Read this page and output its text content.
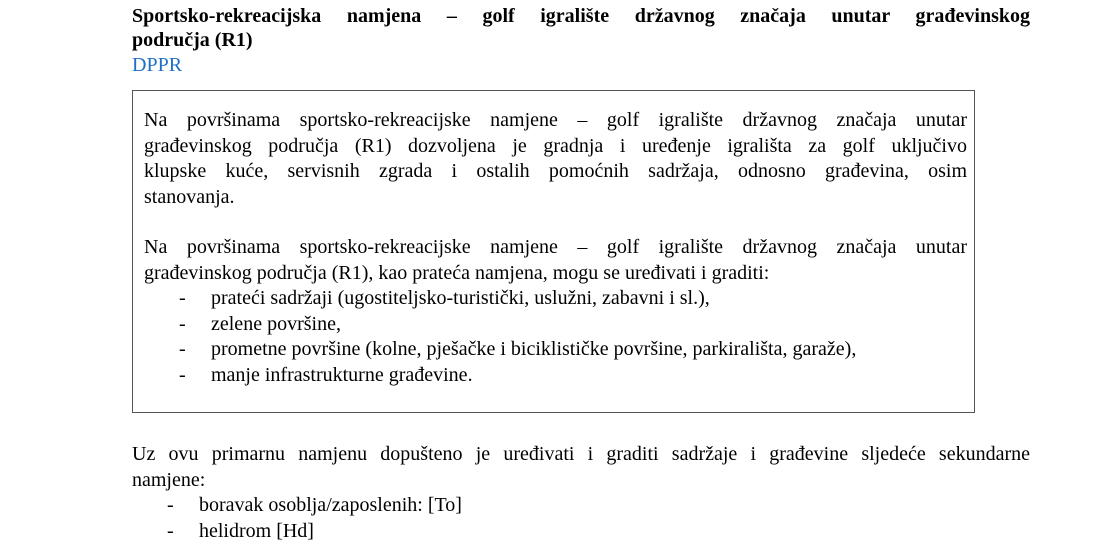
Sportsko-rekreacijska namjena – golf igralište državnog značaja unutar građevinskog
područja (R1)
DPPR
Na površinama sportsko-rekreacijske namjene – golf igralište državnog značaja unutar
građevinskog područja (R1) dozvoljena je gradnja i uređenje igrališta za golf uključivo
klupske kuće, servisnih zgrada i ostalih pomoćnih sadržaja, odnosno građevina, osim
stanovanja.
Na površinama sportsko-rekreacijske namjene – golf igralište državnog značaja unutar
građevinskog područja (R1), kao prateća namjena, mogu se uređivati i graditi:
- prateći sadržaji (ugostiteljsko-turistički, uslužni, zabavni i sl.),
- zelene površine,
- prometne površine (kolne, pješačke i biciklističke površine, parkirališta, garaže),
- manje infrastrukturne građevine.
Uz ovu primarnu namjenu dopušteno je uređivati i graditi sadržaje i građevine sljedeće sekundarne
namjene:
- boravak osoblja/zaposlenih: [To]
- helidrom [Hd]
